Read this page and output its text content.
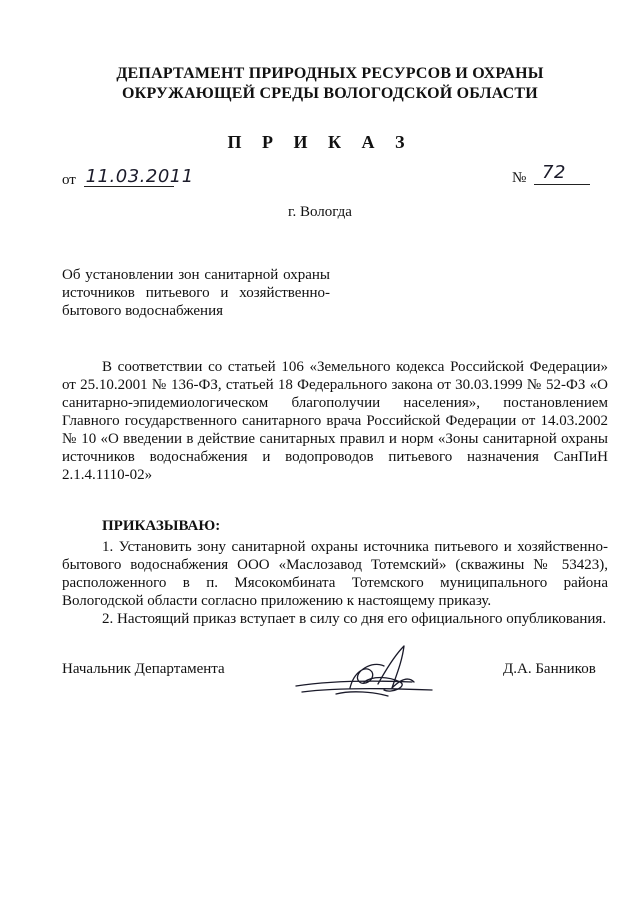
ДЕПАРТАМЕНТ ПРИРОДНЫХ РЕСУРСОВ И ОХРАНЫ
ОКРУЖАЮЩЕЙ СРЕДЫ ВОЛОГОДСКОЙ ОБЛАСТИ
П Р И К А З
от 11.03.2011	№ 72
г. Вологда
Об установлении зон санитарной охраны источников питьевого и хозяйственно-бытового водоснабжения

В соответствии со статьей 106 «Земельного кодекса Российской Федерации» от 25.10.2001 № 136-ФЗ, статьей 18 Федерального закона от 30.03.1999 № 52-ФЗ «О санитарно-эпидемиологическом благополучии населения», постановлением Главного государственного санитарного врача Российской Федерации от 14.03.2002 № 10 «О введении в действие санитарных правил и норм «Зоны санитарной охраны источников водоснабжения и водопроводов питьевого назначения СанПиН 2.1.4.1110-02»

ПРИКАЗЫВАЮ:

1. Установить зону санитарной охраны источника питьевого и хозяйственно-бытового водоснабжения ООО «Маслозавод Тотемский» (скважины № 53423), расположенного в п. Мясокомбината Тотемского муниципального района Вологодской области согласно приложению к настоящему приказу.

2. Настоящий приказ вступает в силу со дня его официального опубликования.

Начальник Департамента	Д.А. Банников
